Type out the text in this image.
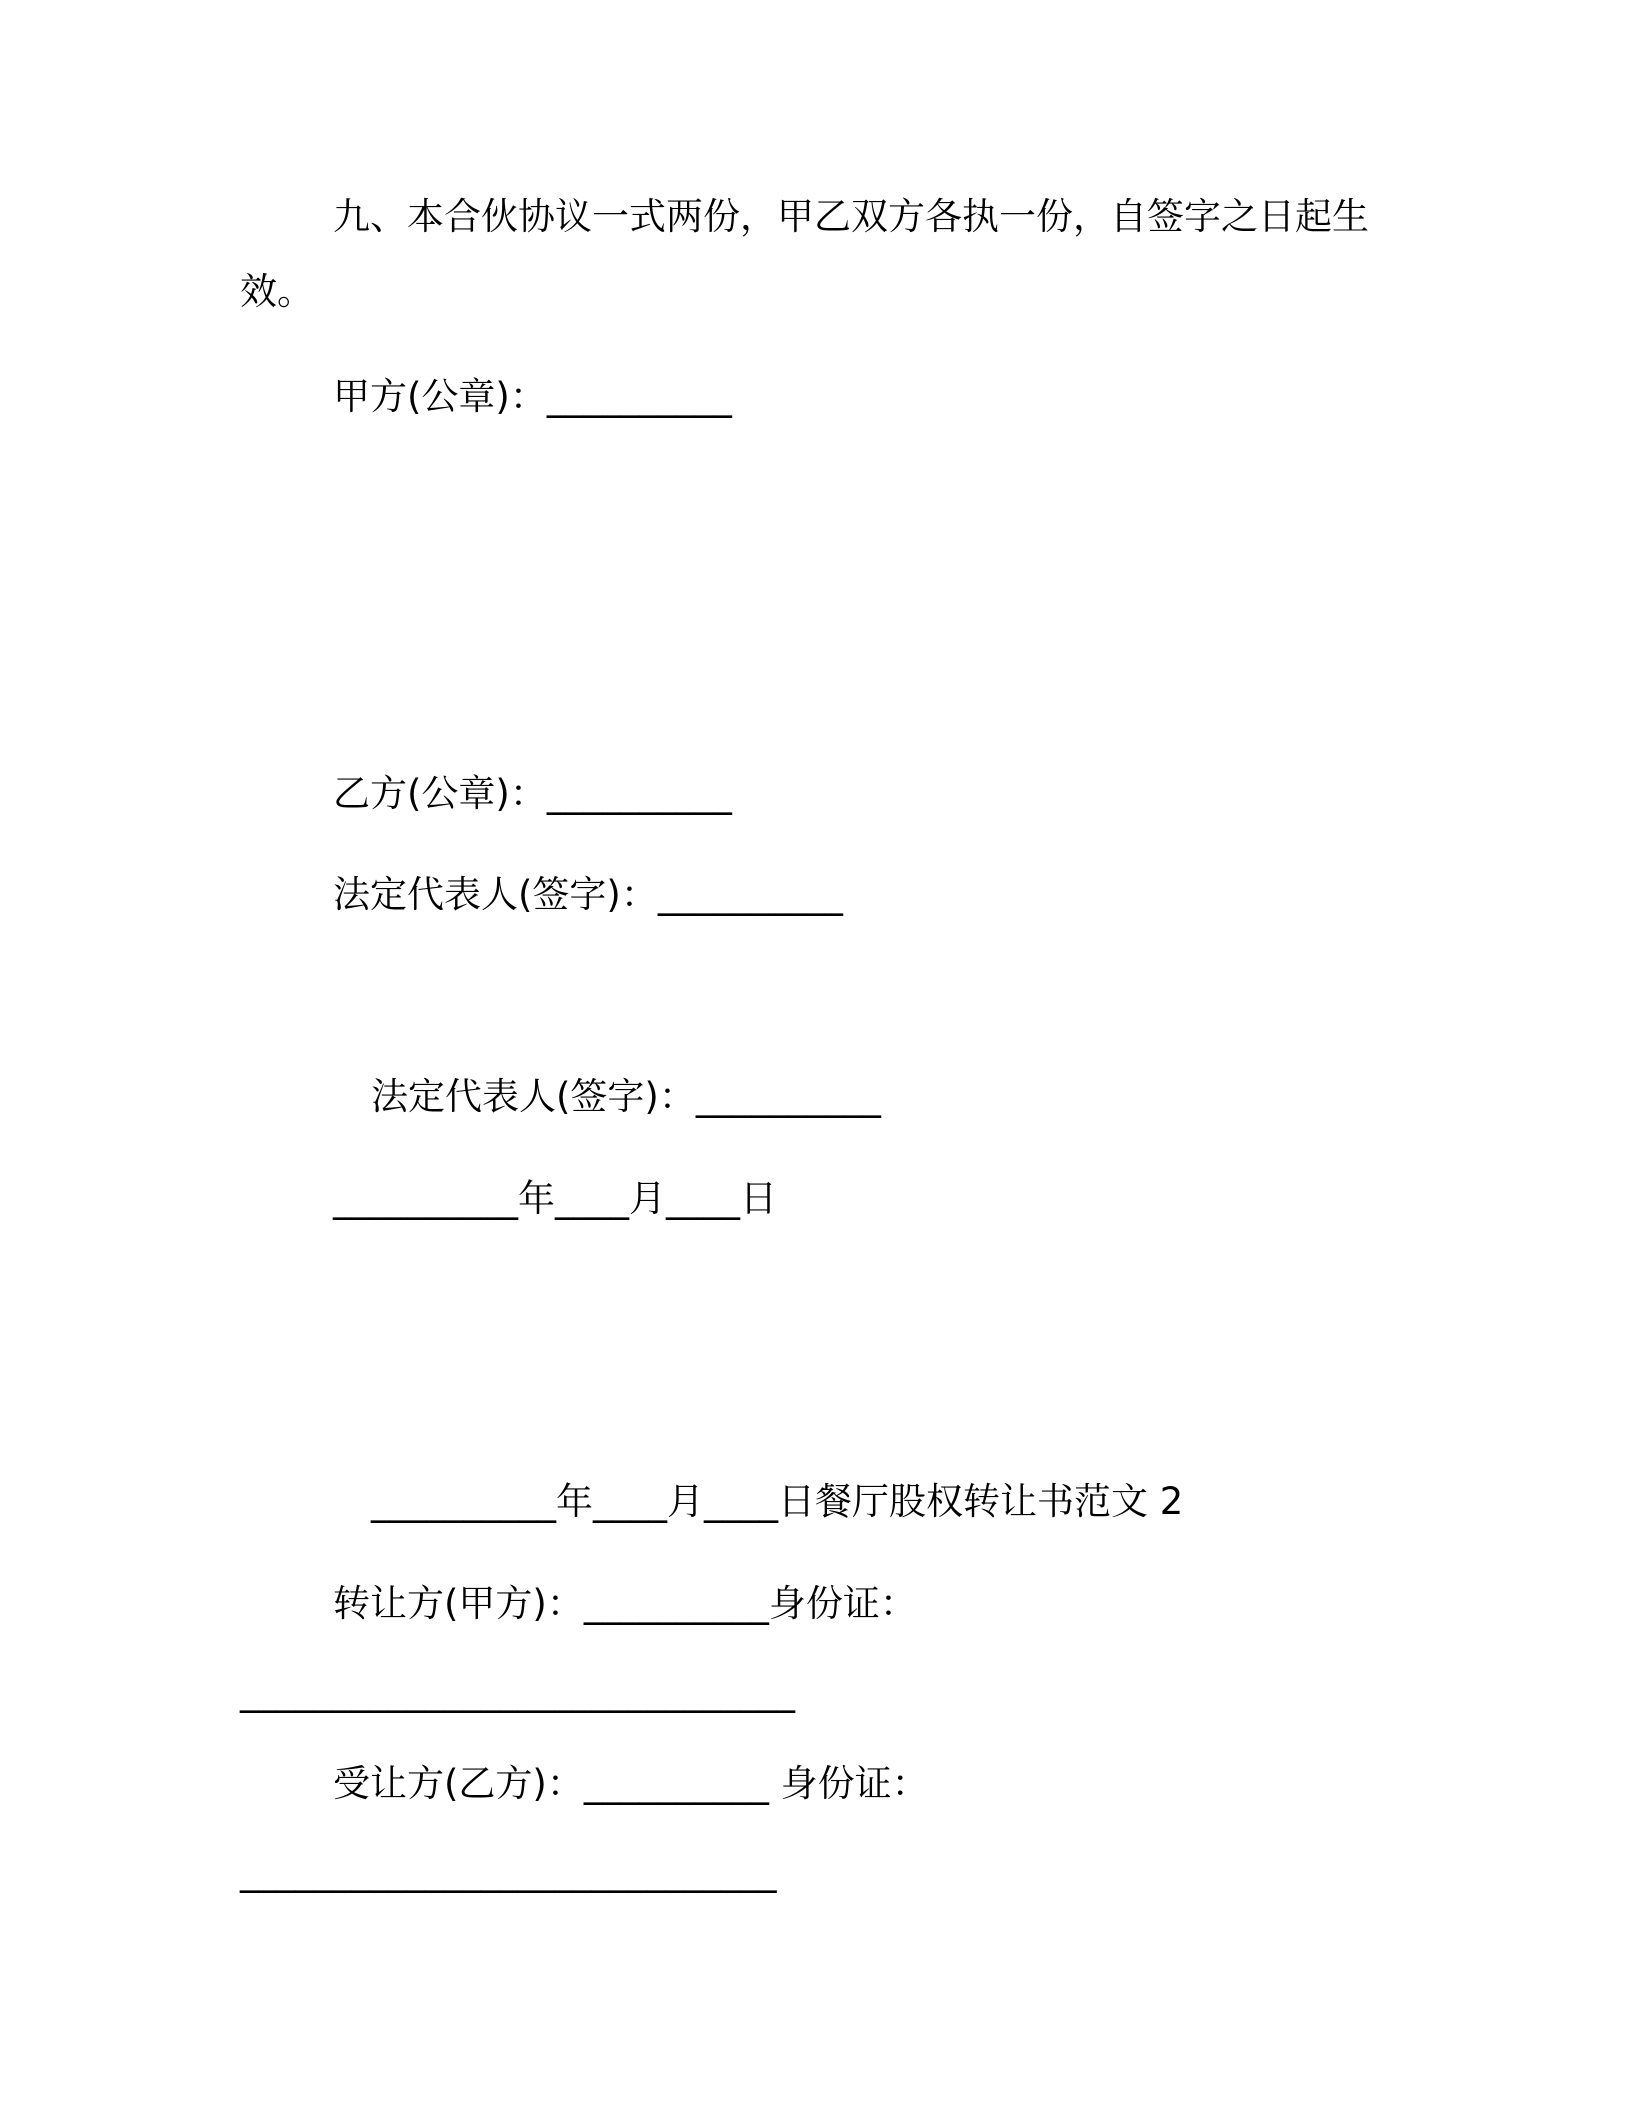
九、本合伙协议一式两份，甲乙双方各执一份，自签字之日起生
效。
甲方(公章)：__________
乙方(公章)：__________
法定代表人(签字)：__________
法定代表人(签字)：__________
__________年____月____日
__________年____月____日餐厅股权转让书范文 2
转让方(甲方)：__________身份证：
______________________________
受让方(乙方)：__________ 身份证：
_____________________________
